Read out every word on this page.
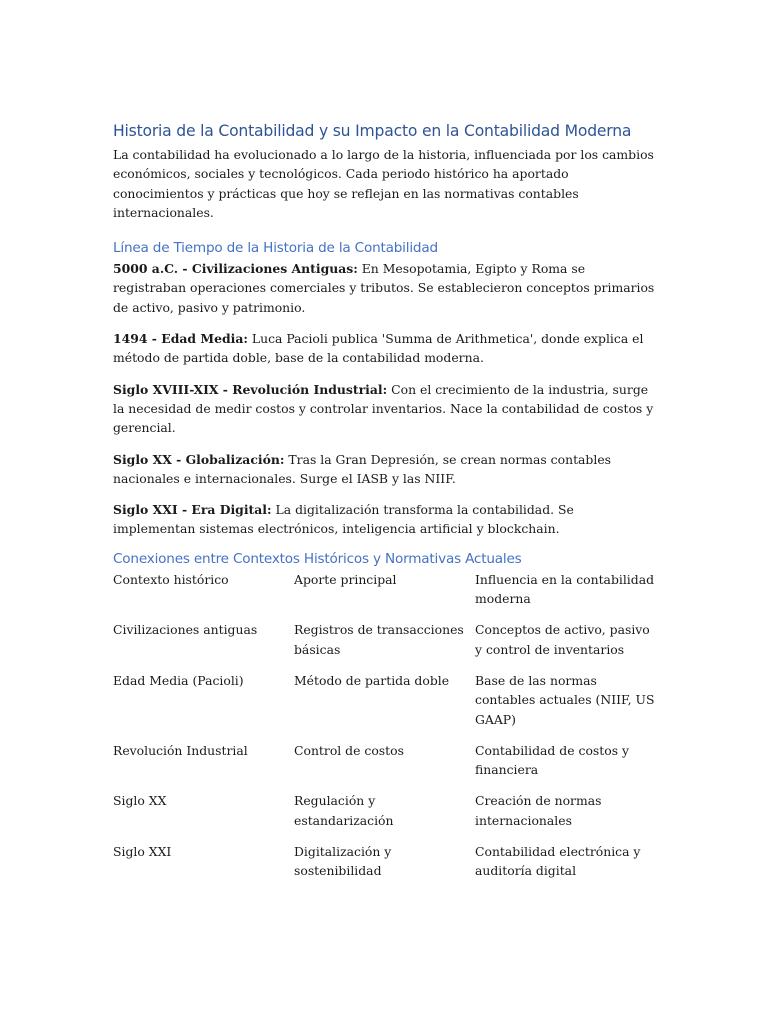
Historia de la Contabilidad y su Impacto en la Contabilidad Moderna

La contabilidad ha evolucionado a lo largo de la historia, influenciada por los cambios económicos, sociales y tecnológicos. Cada periodo histórico ha aportado conocimientos y prácticas que hoy se reflejan en las normativas contables internacionales.

Línea de Tiempo de la Historia de la Contabilidad

5000 a.C. - Civilizaciones Antiguas: En Mesopotamia, Egipto y Roma se registraban operaciones comerciales y tributos. Se establecieron conceptos primarios de activo, pasivo y patrimonio.

1494 - Edad Media: Luca Pacioli publica 'Summa de Arithmetica', donde explica el método de partida doble, base de la contabilidad moderna.

Siglo XVIII-XIX - Revolución Industrial: Con el crecimiento de la industria, surge la necesidad de medir costos y controlar inventarios. Nace la contabilidad de costos y gerencial.

Siglo XX - Globalización: Tras la Gran Depresión, se crean normas contables nacionales e internacionales. Surge el IASB y las NIIF.

Siglo XXI - Era Digital: La digitalización transforma la contabilidad. Se implementan sistemas electrónicos, inteligencia artificial y blockchain.

Conexiones entre Contextos Históricos y Normativas Actuales
Contexto histórico	Aporte principal	Influencia en la contabilidad moderna
Civilizaciones antiguas	Registros de transacciones básicas	Conceptos de activo, pasivo y control de inventarios
Edad Media (Pacioli)	Método de partida doble	Base de las normas contables actuales (NIIF, US GAAP)
Revolución Industrial	Control de costos	Contabilidad de costos y financiera
Siglo XX	Regulación y estandarización	Creación de normas internacionales
Siglo XXI	Digitalización y sostenibilidad	Contabilidad electrónica y auditoría digital
